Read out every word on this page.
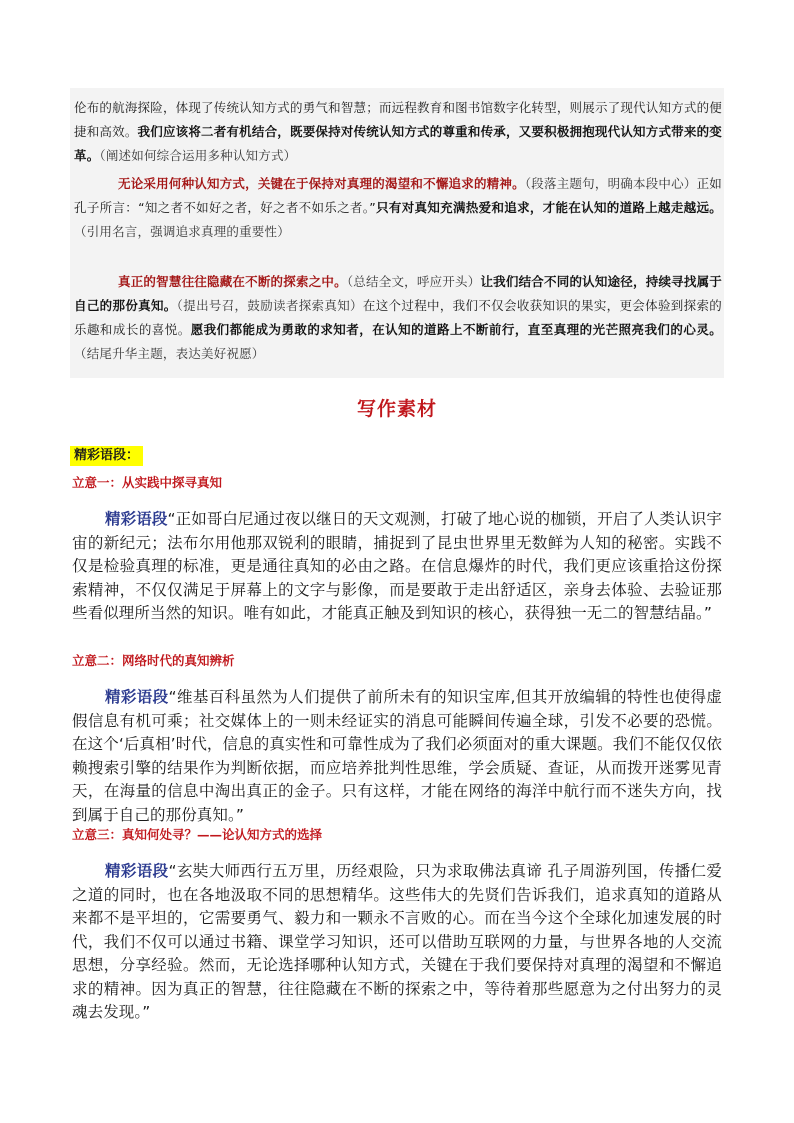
伦布的航海探险，体现了传统认知方式的勇气和智慧；而远程教育和图书馆数字化转型，则展示了现代认知方式的便捷和高效。我们应该将二者有机结合，既要保持对传统认知方式的尊重和传承，又要积极拥抱现代认知方式带来的变革。（阐述如何综合运用多种认知方式）

无论采用何种认知方式，关键在于保持对真理的渴望和不懈追求的精神。（段落主题句，明确本段中心）正如孔子所言：“知之者不如好之者，好之者不如乐之者。”只有对真知充满热爱和追求，才能在认知的道路上越走越远。（引用名言，强调追求真理的重要性）

真正的智慧往往隐藏在不断的探索之中。（总结全文，呼应开头）让我们结合不同的认知途径，持续寻找属于自己的那份真知。（提出号召，鼓励读者探索真知）在这个过程中，我们不仅会收获知识的果实，更会体验到探索的乐趣和成长的喜悦。愿我们都能成为勇敢的求知者，在认知的道路上不断前行，直至真理的光芒照亮我们的心灵。（结尾升华主题，表达美好祝愿）

写作素材
精彩语段：
立意一：从实践中探寻真知

精彩语段“正如哥白尼通过夜以继日的天文观测，打破了地心说的枷锁，开启了人类认识宇宙的新纪元；法布尔用他那双锐利的眼睛，捕捉到了昆虫世界里无数鲜为人知的秘密。实践不仅是检验真理的标准，更是通往真知的必由之路。在信息爆炸的时代，我们更应该重拾这份探索精神，不仅仅满足于屏幕上的文字与影像，而是要敢于走出舒适区，亲身去体验、去验证那些看似理所当然的知识。唯有如此，才能真正触及到知识的核心，获得独一无二的智慧结晶。”

立意二：网络时代的真知辨析

精彩语段“维基百科虽然为人们提供了前所未有的知识宝库,但其开放编辑的特性也使得虚假信息有机可乘；社交媒体上的一则未经证实的消息可能瞬间传遍全球，引发不必要的恐慌。在这个‘后真相’时代，信息的真实性和可靠性成为了我们必须面对的重大课题。我们不能仅仅依赖搜索引擎的结果作为判断依据，而应培养批判性思维，学会质疑、查证，从而拨开迷雾见青天，在海量的信息中淘出真正的金子。只有这样，才能在网络的海洋中航行而不迷失方向，找到属于自己的那份真知。”

立意三：真知何处寻？——论认知方式的选择

精彩语段“玄奘大师西行五万里，历经艰险，只为求取佛法真谛 孔子周游列国，传播仁爱之道的同时，也在各地汲取不同的思想精华。这些伟大的先贤们告诉我们，追求真知的道路从来都不是平坦的，它需要勇气、毅力和一颗永不言败的心。而在当今这个全球化加速发展的时代，我们不仅可以通过书籍、课堂学习知识，还可以借助互联网的力量，与世界各地的人交流思想，分享经验。然而，无论选择哪种认知方式，关键在于我们要保持对真理的渴望和不懈追求的精神。因为真正的智慧，往往隐藏在不断的探索之中，等待着那些愿意为之付出努力的灵魂去发现。”
